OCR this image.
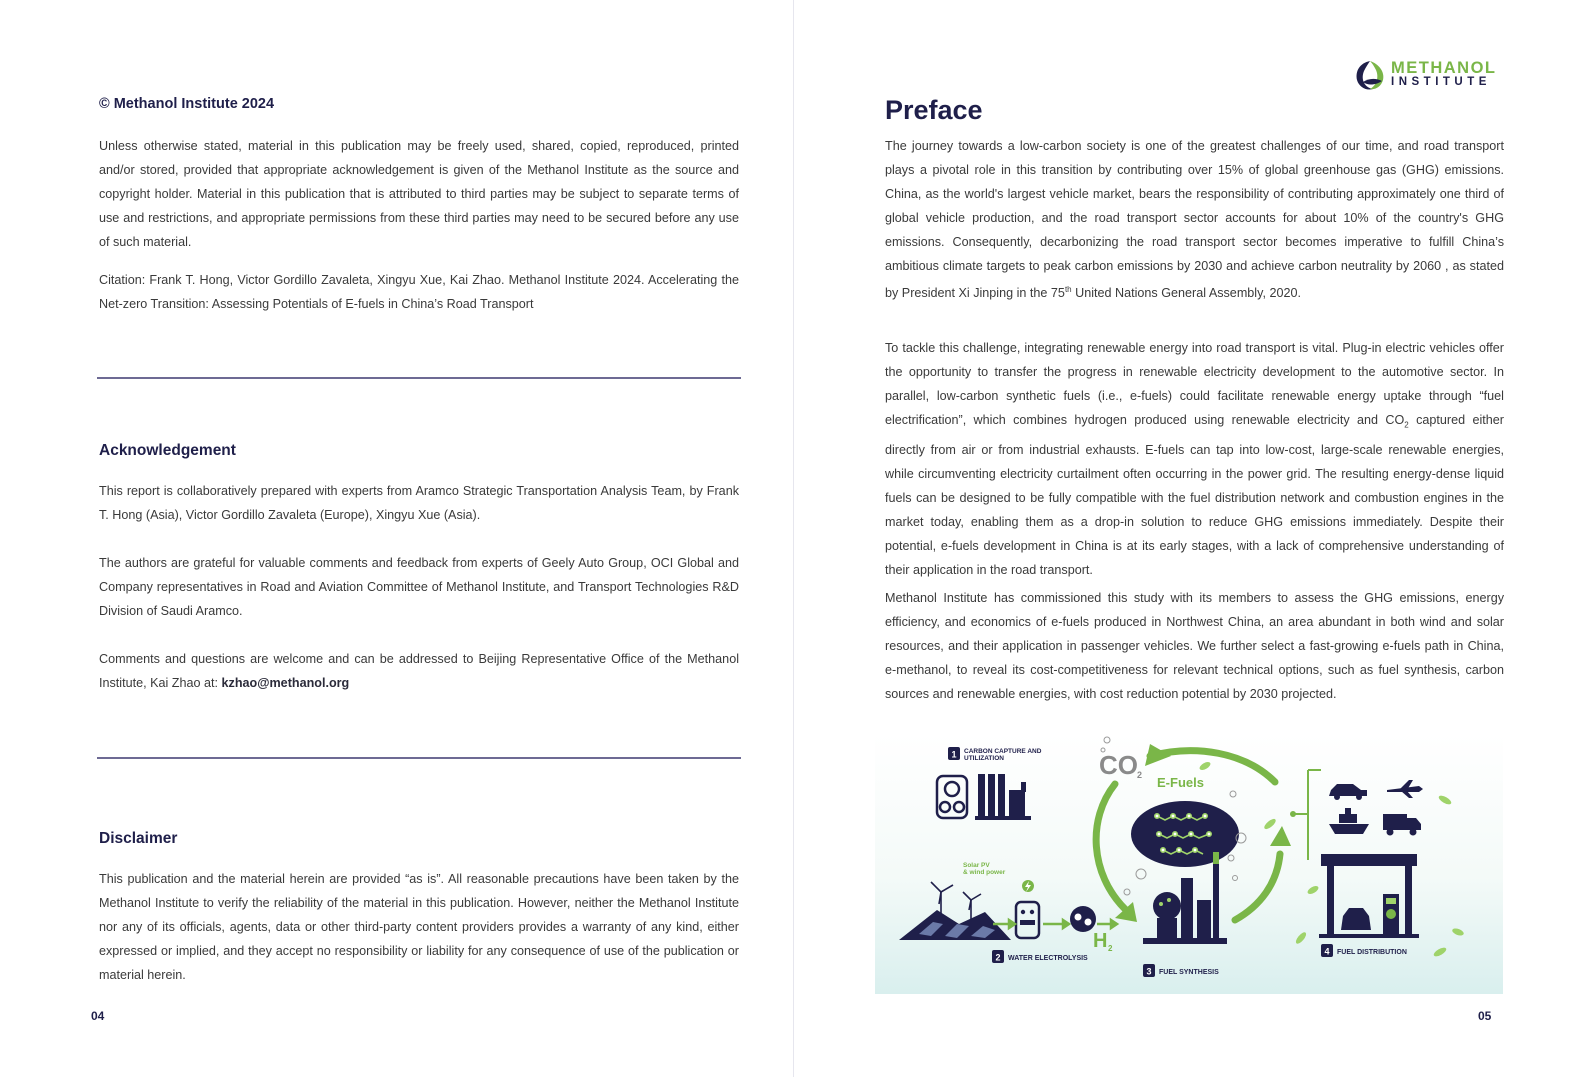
© Methanol Institute 2024

Unless otherwise stated, material in this publication may be freely used, shared, copied, reproduced, printed and/or stored, provided that appropriate acknowledgement is given of the Methanol Institute as the source and copyright holder. Material in this publication that is attributed to third parties may be subject to separate terms of use and restrictions, and appropriate permissions from these third parties may need to be secured before any use of such material.

Citation: Frank T. Hong, Victor Gordillo Zavaleta, Xingyu Xue, Kai Zhao. Methanol Institute 2024. Accelerating the Net-zero Transition: Assessing Potentials of E-fuels in China’s Road Transport

Acknowledgement

This report is collaboratively prepared with experts from Aramco Strategic Transportation Analysis Team, by Frank T. Hong (Asia), Victor Gordillo Zavaleta (Europe), Xingyu Xue (Asia).

The authors are grateful for valuable comments and feedback from experts of Geely Auto Group, OCI Global and Company representatives in Road and Aviation Committee of Methanol Institute, and Transport Technologies R&D Division of Saudi Aramco.

Comments and questions are welcome and can be addressed to Beijing Representative Office of the Methanol Institute, Kai Zhao at: kzhao@methanol.org

Disclaimer

This publication and the material herein are provided “as is”. All reasonable precautions have been taken by the Methanol Institute to verify the reliability of the material in this publication. However, neither the Methanol Institute nor any of its officials, agents, data or other third-party content providers provides a warranty of any kind, either expressed or implied, and they accept no responsibility or liability for any consequence of use of the publication or material herein.

04
METHANOL
INSTITUTE
Preface

The journey towards a low-carbon society is one of the greatest challenges of our time, and road transport plays a pivotal role in this transition by contributing over 15% of global greenhouse gas (GHG) emissions. China, as the world's largest vehicle market, bears the responsibility of contributing approximately one third of global vehicle production, and the road transport sector accounts for about 10% of the country's GHG emissions. Consequently, decarbonizing the road transport sector becomes imperative to fulfill China’s ambitious climate targets to peak carbon emissions by 2030 and achieve carbon neutrality by 2060 , as stated by President Xi Jinping in the 75th United Nations General Assembly, 2020.

To tackle this challenge, integrating renewable energy into road transport is vital. Plug-in electric vehicles offer the opportunity to transfer the progress in renewable electricity development to the automotive sector. In parallel, low-carbon synthetic fuels (i.e., e-fuels) could facilitate renewable energy uptake through “fuel electrification”, which combines hydrogen produced using renewable electricity and $CO_2$ captured either directly from air or from industrial exhausts. E-fuels can tap into low-cost, large-scale renewable energies, while circumventing electricity curtailment often occurring in the power grid. The resulting energy-dense liquid fuels can be designed to be fully compatible with the fuel distribution network and combustion engines in the market today, enabling them as a drop-in solution to reduce GHG emissions immediately. Despite their potential, e-fuels development in China is at its early stages, with a lack of comprehensive understanding of their application in the road transport.

Methanol Institute has commissioned this study with its members to assess the GHG emissions, energy efficiency, and economics of e-fuels produced in Northwest China, an area abundant in both wind and solar resources, and their application in passenger vehicles. We further select a fast-growing e-fuels path in China, e-methanol, to reveal its cost-competitiveness for relevant technical options, such as fuel synthesis, carbon sources and renewable energies, with cost reduction potential by 2030 projected.

1 CARBON CAPTURE AND
UTILIZATION	CO 2 E-Fuels
Solar PV
& wind power
H 2
2 WATER ELECTROLYSIS
3 FUEL SYNTHESIS
4 FUEL DISTRIBUTION
05
